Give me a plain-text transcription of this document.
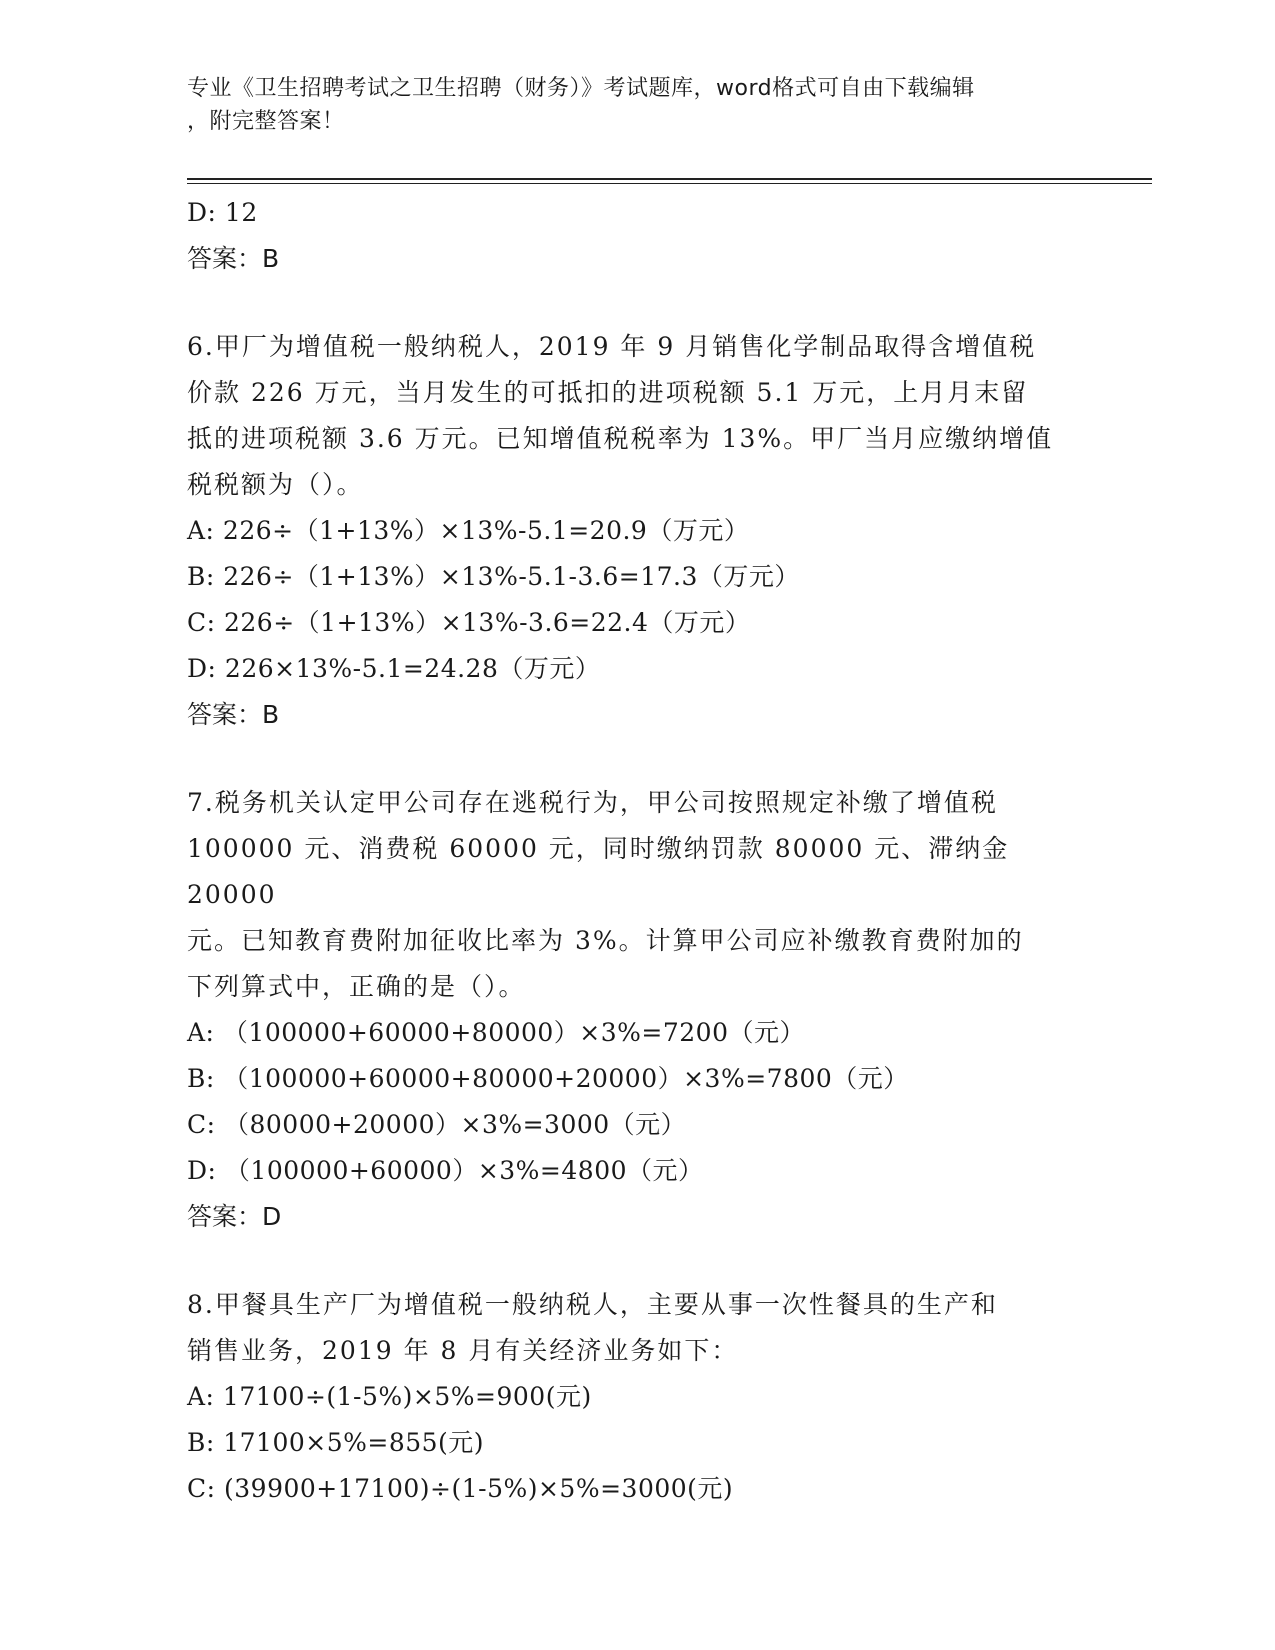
专业《卫生招聘考试之卫生招聘（财务）》考试题库，word格式可自由下载编辑
，附完整答案！
D: 12
答案：B
6.甲厂为增值税一般纳税人，2019 年 9 月销售化学制品取得含增值税
价款 226 万元，当月发生的可抵扣的进项税额 5.1 万元，上月月末留
抵的进项税额 3.6 万元。已知增值税税率为 13%。甲厂当月应缴纳增值
税税额为（）。
A: 226÷（1+13%）×13%-5.1=20.9（万元）
B: 226÷（1+13%）×13%-5.1-3.6=17.3（万元）
C: 226÷（1+13%）×13%-3.6=22.4（万元）
D: 226×13%-5.1=24.28（万元）
答案：B
7.税务机关认定甲公司存在逃税行为，甲公司按照规定补缴了增值税
100000 元、消费税 60000 元，同时缴纳罚款 80000 元、滞纳金 20000
元。已知教育费附加征收比率为 3%。计算甲公司应补缴教育费附加的
下列算式中，正确的是（）。
A: （100000+60000+80000）×3%=7200（元）
B: （100000+60000+80000+20000）×3%=7800（元）
C: （80000+20000）×3%=3000（元）
D: （100000+60000）×3%=4800（元）
答案：D
8.甲餐具生产厂为增值税一般纳税人，主要从事一次性餐具的生产和
销售业务，2019 年 8 月有关经济业务如下：
A: 17100÷(1-5%)×5%=900(元)
B: 17100×5%=855(元)
C: (39900+17100)÷(1-5%)×5%=3000(元)
